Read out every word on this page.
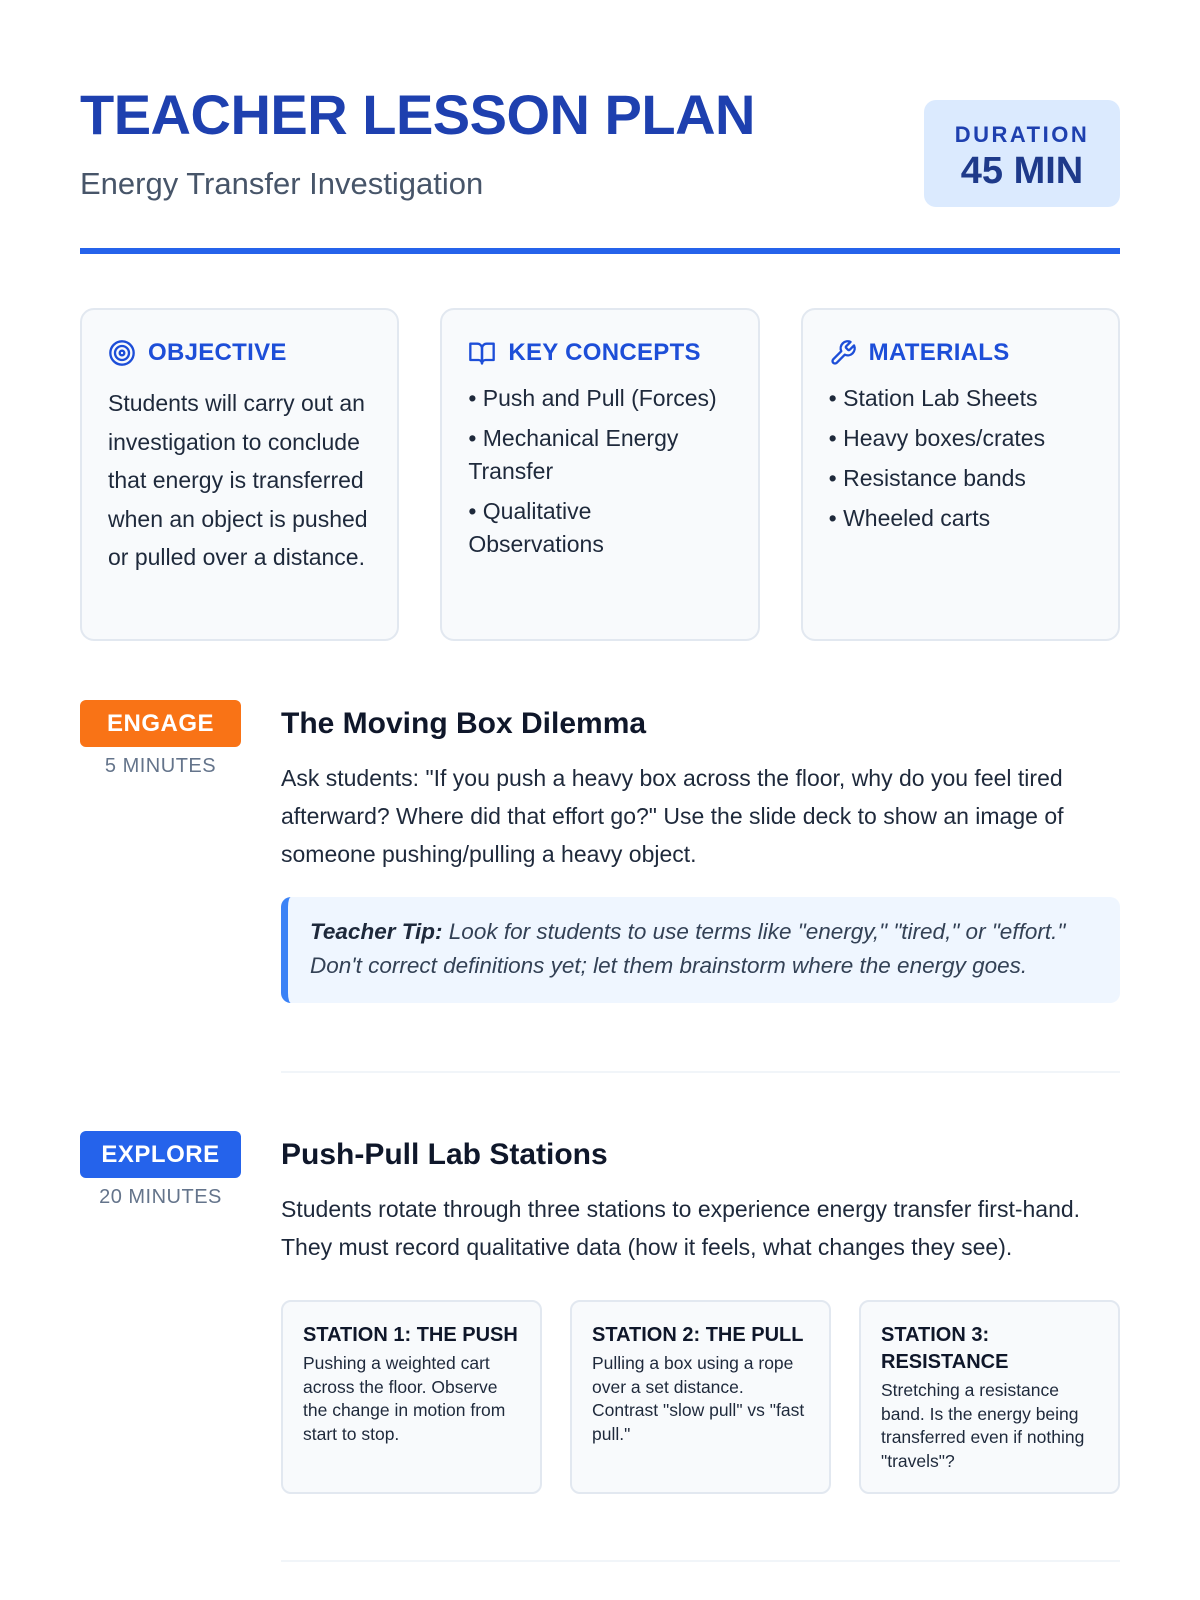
TEACHER LESSON PLAN
Energy Transfer Investigation
DURATION
45 MIN
OBJECTIVE

Students will carry out an investigation to conclude that energy is transferred when an object is pushed or pulled over a distance.

KEY CONCEPTS
• Push and Pull (Forces)
• Mechanical Energy Transfer
• Qualitative Observations
MATERIALS
• Station Lab Sheets
• Heavy boxes/crates
• Resistance bands
• Wheeled carts
ENGAGE
5 MINUTES
The Moving Box Dilemma

Ask students: "If you push a heavy box across the floor, why do you feel tired afterward? Where did that effort go?" Use the slide deck to show an image of someone pushing/pulling a heavy object.

Teacher Tip: Look for students to use terms like "energy," "tired," or "effort." Don't correct definitions yet; let them brainstorm where the energy goes.
EXPLORE
20 MINUTES
Push-Pull Lab Stations

Students rotate through three stations to experience energy transfer first-hand. They must record qualitative data (how it feels, what changes they see).

STATION 1: THE PUSH

Pushing a weighted cart across the floor. Observe the change in motion from start to stop.

STATION 2: THE PULL

Pulling a box using a rope over a set distance. Contrast "slow pull" vs "fast pull."

STATION 3: RESISTANCE

Stretching a resistance band. Is the energy being transferred even if nothing "travels"?
